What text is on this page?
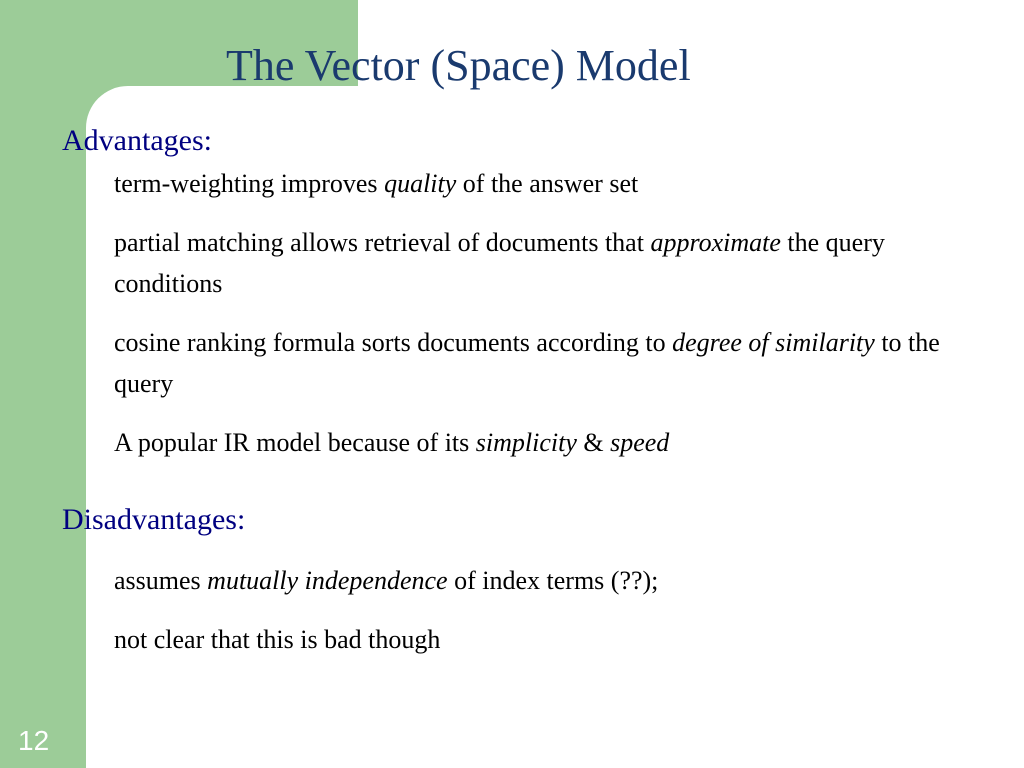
The Vector (Space) Model
Advantages:
term-weighting improves quality of the answer set
partial matching allows retrieval of documents that approximate the query conditions
cosine ranking formula sorts documents according to degree of similarity to the query
A popular IR model because of its simplicity & speed
Disadvantages:
assumes mutually independence of index terms (??);
not clear that this is bad though
12
